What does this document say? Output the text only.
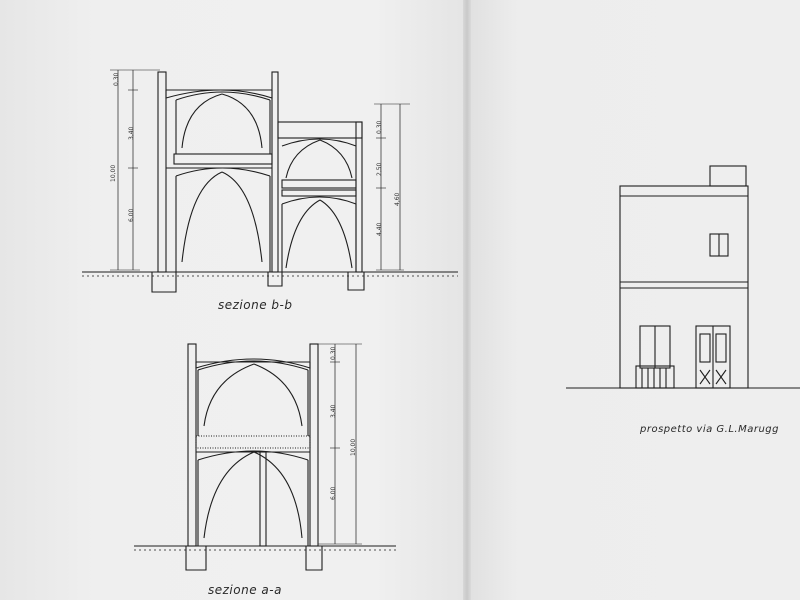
0,30
3,40
6,00
10,00
0,30
2,50
4,40
4,60
0,30
3,40
6,00
10,00
sezione b-b
sezione a-a
prospetto via G.L.Marugg
